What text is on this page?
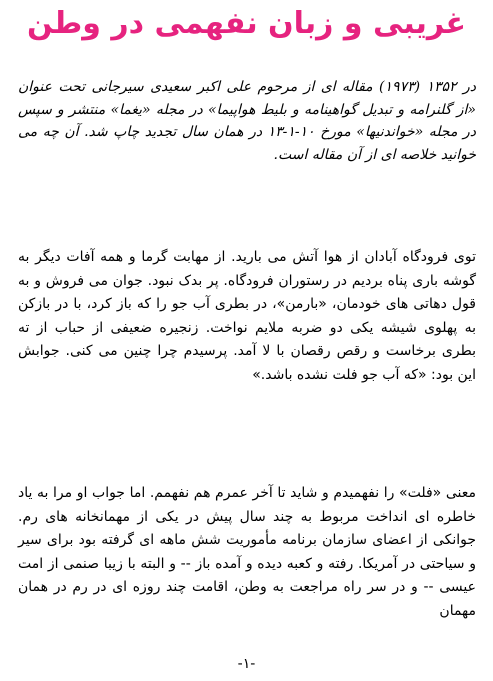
غریبی و زبان نفهمی در وطن

در ۱۳۵۲ (۱۹۷۳) مقاله ای از مرحوم علی اکبر سعیدی سیرجانی تحت عنوان «از گلنرامه و تبدیل گواهینامه و بلیط هواپیما» در مجله «یغما» منتشر و سپس در مجله «خواندنیها» مورخ ۱۰-۱-۱۳ در همان سال تجدید چاپ شد. آن چه می خوانید خلاصه ای از آن مقاله است.

توی فرودگاه آبادان از هوا آتش می بارید. از مهابت گرما و همه آفات دیگر به گوشه باری پناه بردیم در رستوران فرودگاه. پر بدک نبود. جوان می فروش و به قول دهاتی های خودمان، «بارمن»، در بطری آب جو را که باز کرد، با در بازکن به پهلوی شیشه یکی دو ضربه ملایم نواخت. زنجیره ضعیفی از حباب از ته بطری برخاست و رقص رقصان با لا آمد. پرسیدم چرا چنین می کنی. جوابش این بود: «که آب جو فلت نشده باشد.»

معنی «فلت» را نفهمیدم و شاید تا آخر عمرم هم نفهمم. اما جواب او مرا به یاد خاطره ای انداخت مربوط به چند سال پیش در یکی از مهمانخانه های رم. جوانکی از اعضای سازمان برنامه مأموریت شش ماهه ای گرفته بود برای سیر و سیاحتی در آمریکا. رفته و کعبه دیده و آمده باز -- و البته با زیبا صنمی از امت عیسی -- و در سر راه مراجعت به وطن، اقامت چند روزه ای در رم در همان مهمان

-۱-
